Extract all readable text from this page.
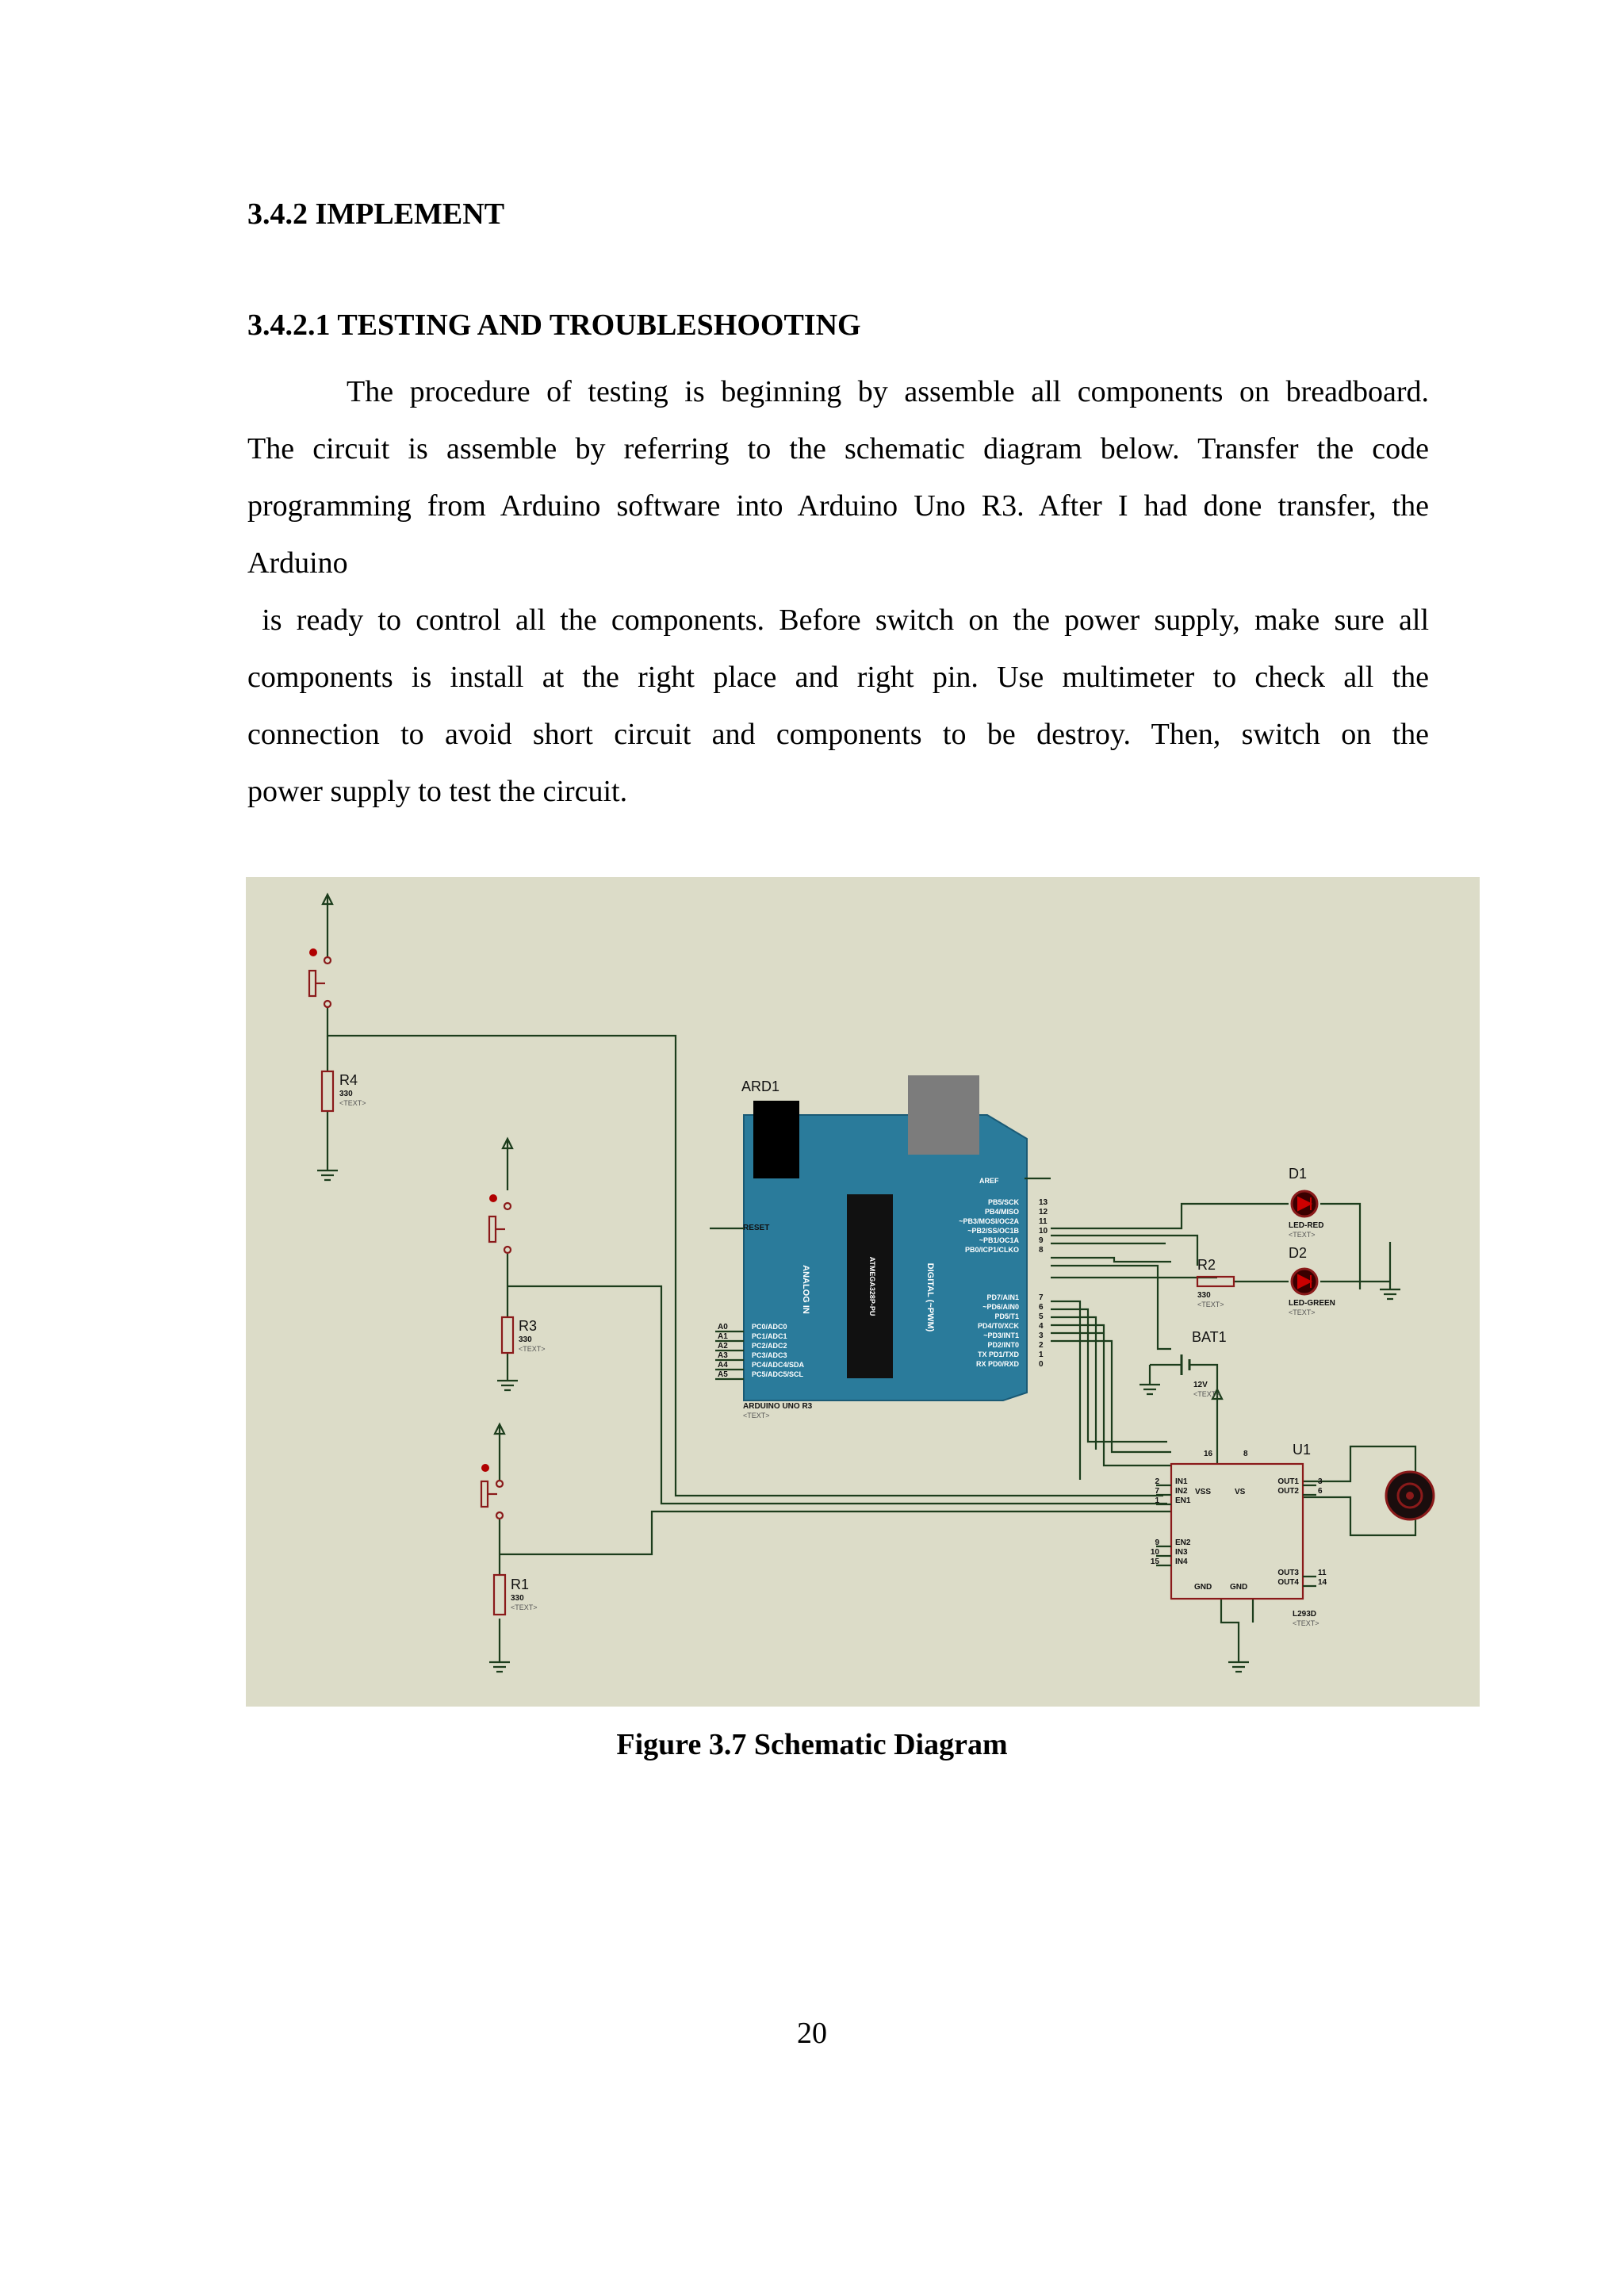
3.4.2 IMPLEMENT
3.4.2.1 TESTING AND TROUBLESHOOTING
The procedure of testing is beginning by assemble all components on breadboard.
The circuit is assemble by referring to the schematic diagram below. Transfer the code
programming from Arduino software into Arduino Uno R3. After I had done transfer, the
Arduino
is ready to control all the components. Before switch on the power supply, make sure all
components is install at the right place and right pin. Use multimeter to check all the
connection to avoid short circuit and components to be destroy. Then, switch on the
power supply to test the circuit.
R4
330
<TEXT>
R3
330
<TEXT>
R1
330
<TEXT>
R2
330
<TEXT>
D1
LED-RED
<TEXT>
D2
LED-GREEN
<TEXT>
BAT1
12V
<TEXT>
ARD1
ATMEGA328P-PU
ANALOG IN	DIGITAL (~PWM)
ARDUINO UNO R3
<TEXT>
RESET
AREF
A0	PC0/ADC0
A1	PC1/ADC1
A2	PC2/ADC2
A3	PC3/ADC3
A4	PC4/ADC4/SDA
A5	PC5/ADC5/SCL
PB5/SCK	13
PB4/MISO	12
~PB3/MOSI/OC2A	11
~PB2/SS/OC1B	10
~PB1/OC1A	9
PB0/ICP1/CLKO	8
PD7/AIN1	7
~PD6/AIN0	6
PD5/T1	5
PD4/T0/XCK	4
~PD3/INT1	3
PD2/INT0	2
TX PD1/TXD	1
RX PD0/RXD	0
U1
L293D
<TEXT>
VSS	VS
16	8
GND GND
2 IN1
7 IN2
1 EN1
9 EN2
10 IN3
15 IN4
OUT1 3
OUT2 6
OUT3 11
OUT4 14
Figure 3.7 Schematic Diagram
20
